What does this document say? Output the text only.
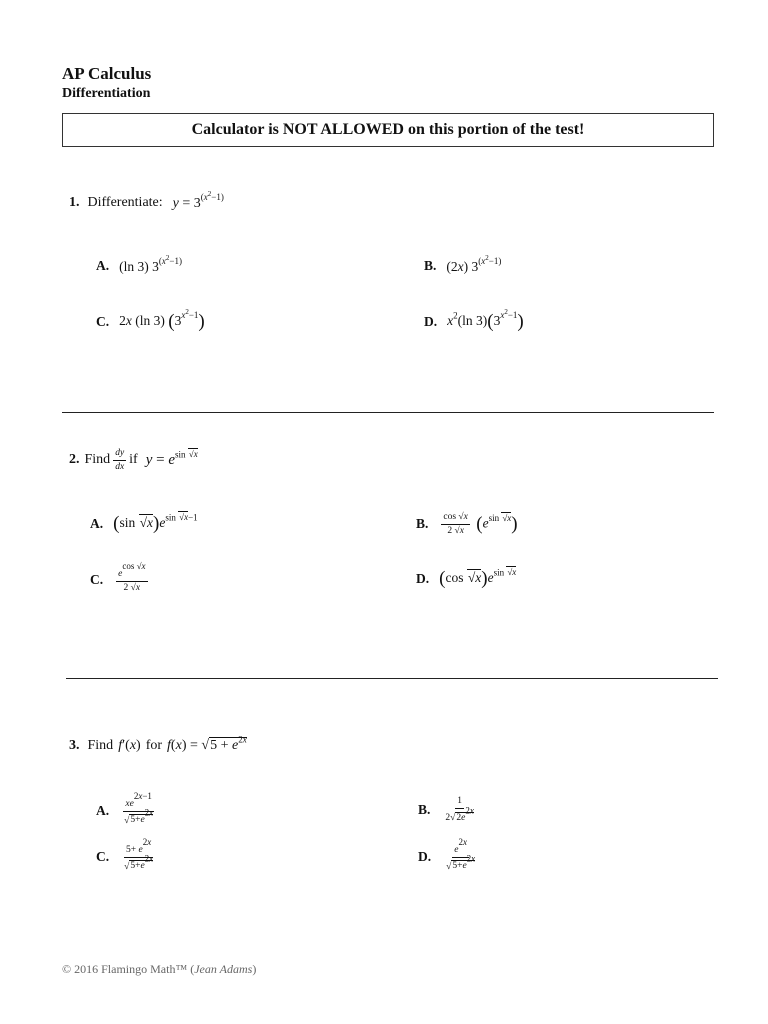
AP Calculus
Differentiation
Calculator is NOT ALLOWED on this portion of the test!
1. Differentiate: $y = 3^{(x^2-1)}$
A. (ln 3) $3^{(x^2-1)}$	B. (2x) $3^{(x^2-1)}$
C. 2x (ln 3) $(3^{x^2-1})$	D. $x^2(\ln$ $3)(3^{x^2-1})$
2. Find $\frac{dy}{dx}$ if $y = e^{sin √x}$
A. (sin $√x)e^{sin √x-1}$	B. $\frac{\cos √x}{2 √x} (e^{sin √x})$
C. $\frac{e^{cos √x}}{2 √x}$	D. (cos $√x)e^{sin √x}$
3. Find f′(x) for $f(x) = √5 + e^{2x}$
A. $\frac{xe^{2x-1}}{√5+e^{2x}}$	B. $\frac{1}{2√2e^{2x}}$
C. $\frac{5+ e^{2x}}{√5+e^{2x}}$	D. $\frac{e^{2x}}{√5+e^{2x}}$
© 2016 Flamingo Math™ (Jean Adams)
